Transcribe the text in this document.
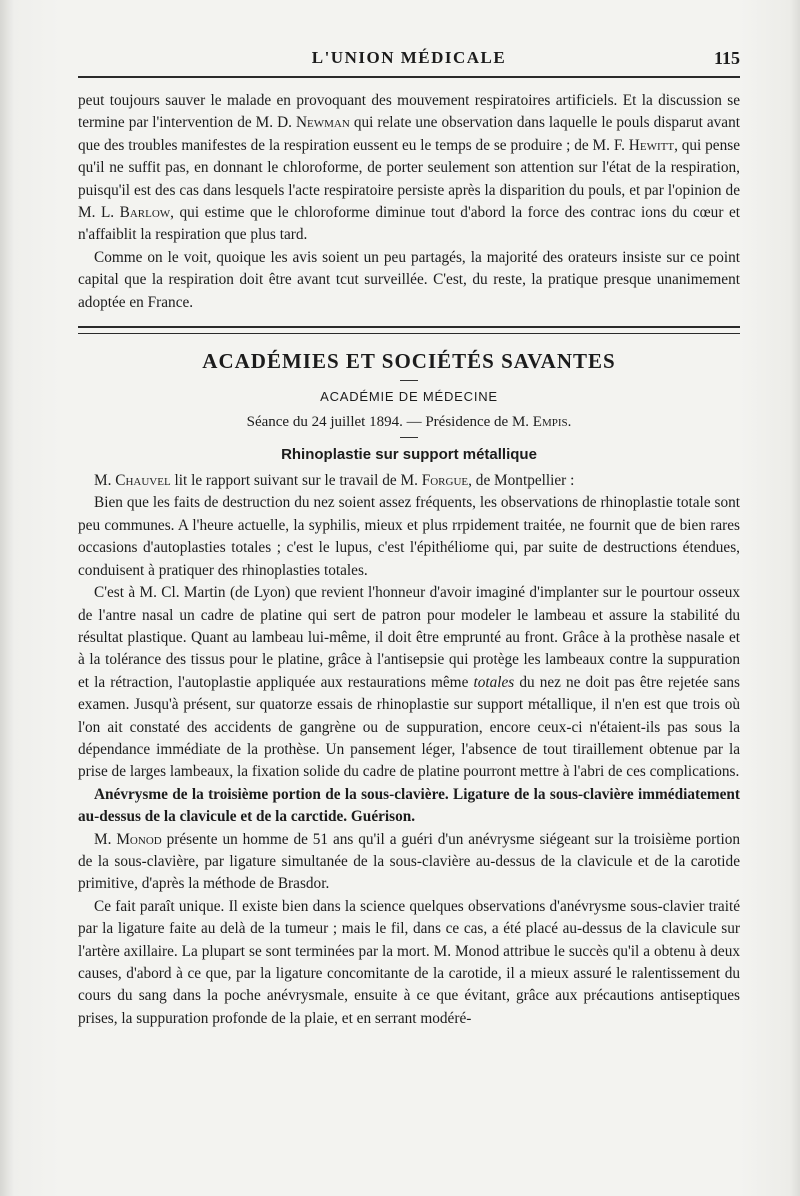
L'UNION MÉDICALE	115

peut toujours sauver le malade en provoquant des mouvement respiratoires artificiels. Et la discussion se termine par l'intervention de M. D. Newman qui relate une observation dans laquelle le pouls disparut avant que des troubles manifestes de la respiration eussent eu le temps de se produire ; de M. F. Hewitt, qui pense qu'il ne suffit pas, en donnant le chloroforme, de porter seulement son attention sur l'état de la respiration, puisqu'il est des cas dans lesquels l'acte respiratoire persiste après la disparition du pouls, et par l'opinion de M. L. Barlow, qui estime que le chloroforme diminue tout d'abord la force des contrac ions du cœur et n'affaiblit la respiration que plus tard.

Comme on le voit, quoique les avis soient un peu partagés, la majorité des orateurs insiste sur ce point capital que la respiration doit être avant tcut surveillée. C'est, du reste, la pratique presque unanimement adoptée en France.

ACADÉMIES ET SOCIÉTÉS SAVANTES
ACADÉMIE DE MÉDECINE

Séance du 24 juillet 1894. — Présidence de M. Empis.

Rhinoplastie sur support métallique

M. Chauvel lit le rapport suivant sur le travail de M. Forgue, de Montpellier :

Bien que les faits de destruction du nez soient assez fréquents, les observations de rhinoplastie totale sont peu communes. A l'heure actuelle, la syphilis, mieux et plus rrpidement traitée, ne fournit que de bien rares occasions d'autoplasties totales ; c'est le lupus, c'est l'épithéliome qui, par suite de destructions étendues, conduisent à pratiquer des rhinoplasties totales.

C'est à M. Cl. Martin (de Lyon) que revient l'honneur d'avoir imaginé d'implanter sur le pourtour osseux de l'antre nasal un cadre de platine qui sert de patron pour modeler le lambeau et assure la stabilité du résultat plastique. Quant au lambeau lui-même, il doit être emprunté au front. Grâce à la prothèse nasale et à la tolérance des tissus pour le platine, grâce à l'antisepsie qui protège les lambeaux contre la suppuration et la rétraction, l'autoplastie appliquée aux restaurations même totales du nez ne doit pas être rejetée sans examen. Jusqu'à présent, sur quatorze essais de rhinoplastie sur support métallique, il n'en est que trois où l'on ait constaté des accidents de gangrène ou de suppuration, encore ceux-ci n'étaient-ils pas sous la dépendance immédiate de la prothèse. Un pansement léger, l'absence de tout tiraillement obtenue par la prise de larges lambeaux, la fixation solide du cadre de platine pourront mettre à l'abri de ces complications.

Anévrysme de la troisième portion de la sous-clavière. Ligature de la sous-clavière immédiatement au-dessus de la clavicule et de la carctide. Guérison.

M. Monod présente un homme de 51 ans qu'il a guéri d'un anévrysme siégeant sur la troisième portion de la sous-clavière, par ligature simultanée de la sous-clavière au-dessus de la clavicule et de la carotide primitive, d'après la méthode de Brasdor.

Ce fait paraît unique. Il existe bien dans la science quelques observations d'anévrysme sous-clavier traité par la ligature faite au delà de la tumeur ; mais le fil, dans ce cas, a été placé au-dessus de la clavicule sur l'artère axillaire. La plupart se sont terminées par la mort. M. Monod attribue le succès qu'il a obtenu à deux causes, d'abord à ce que, par la ligature concomitante de la carotide, il a mieux assuré le ralentissement du cours du sang dans la poche anévrysmale, ensuite à ce que évitant, grâce aux précautions antiseptiques prises, la suppuration profonde de la plaie, et en serrant modéré-
